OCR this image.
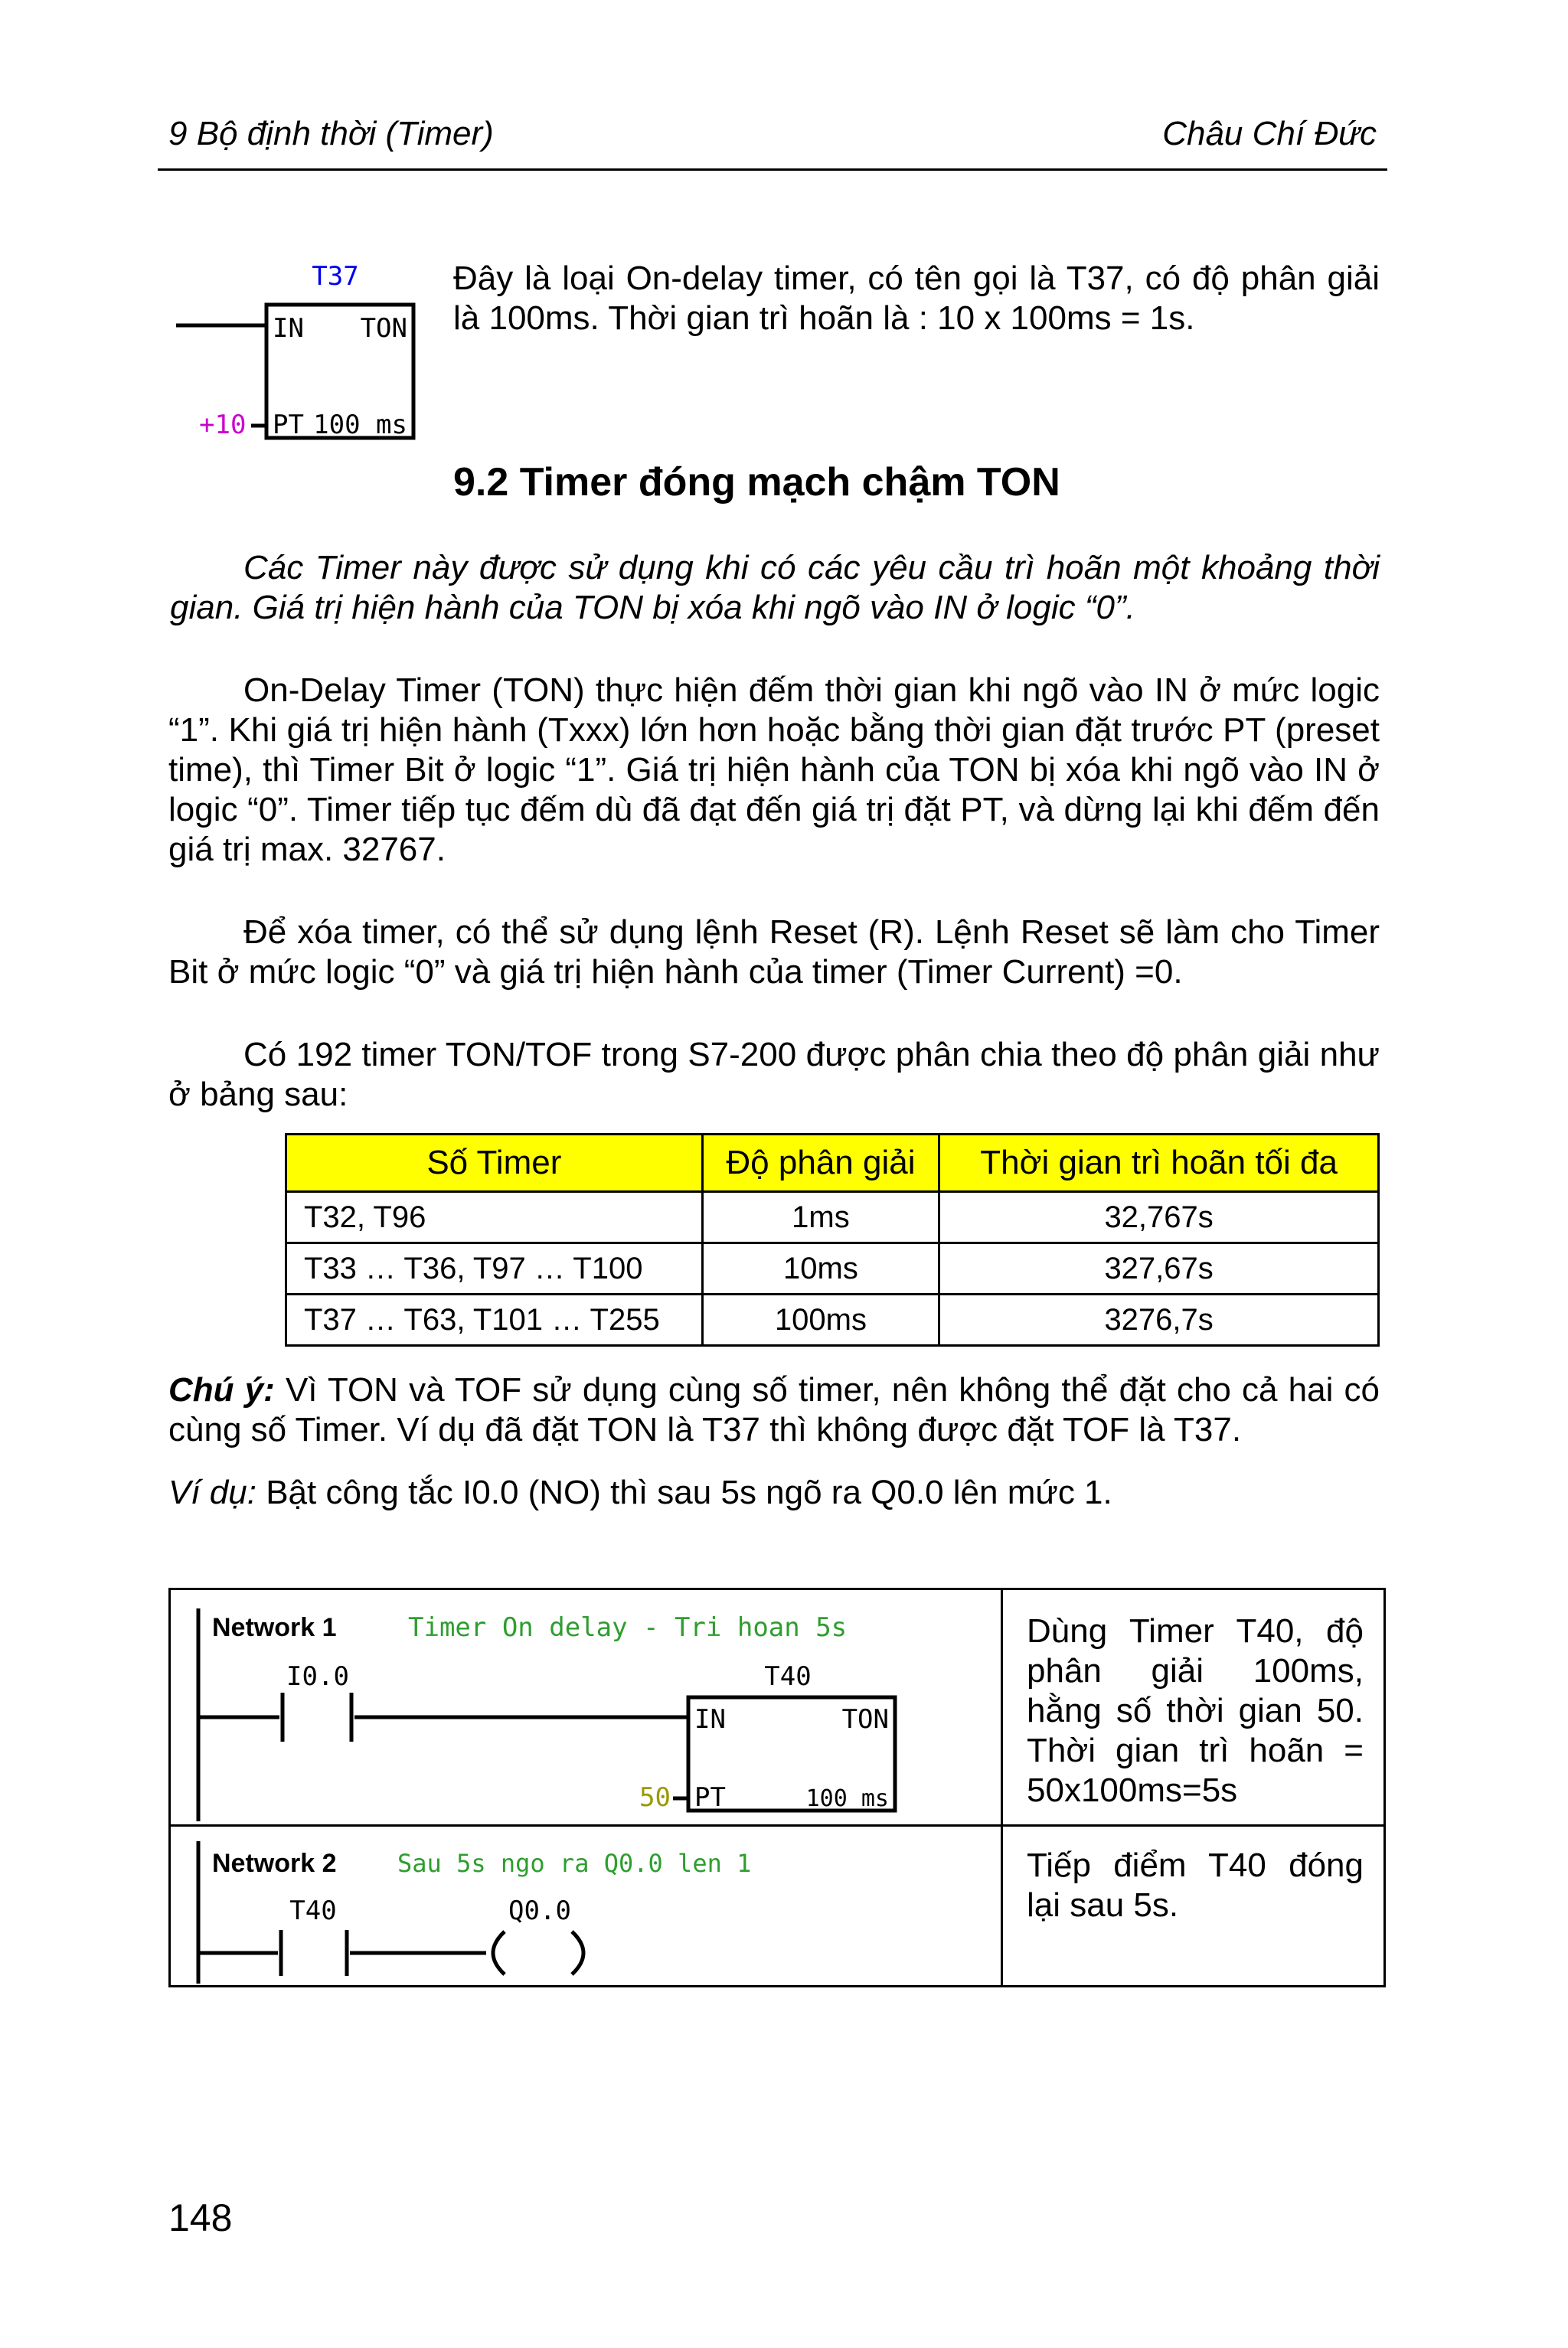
9 Bộ định thời (Timer)	Châu Chí Đức
T37
IN TON
+10 PT 100 ms
Đây là loại On-delay timer, có tên gọi là T37, có độ phân giải là 100ms. Thời gian trì hoãn là : 10 x 100ms = 1s.
9.2 Timer đóng mạch chậm TON
Các Timer này được sử dụng khi có các yêu cầu trì hoãn một khoảng thời gian. Giá trị hiện hành của TON bị xóa khi ngõ vào IN ở logic “0”.
On-Delay Timer (TON) thực hiện đếm thời gian khi ngõ vào IN ở mức logic “1”. Khi giá trị hiện hành (Txxx) lớn hơn hoặc bằng thời gian đặt trước PT (preset time), thì Timer Bit ở logic “1”. Giá trị hiện hành của TON bị xóa khi ngõ vào IN ở logic “0”. Timer tiếp tục đếm dù đã đạt đến giá trị đặt PT, và dừng lại khi đếm đến giá trị max. 32767.
Để xóa timer, có thể sử dụng lệnh Reset (R). Lệnh Reset sẽ làm cho Timer Bit ở mức logic “0” và giá trị hiện hành của timer (Timer Current) =0.
Có 192 timer TON/TOF trong S7-200 được phân chia theo độ phân giải như ở bảng sau:
Số Timer	Độ phân giải	Thời gian trì hoãn tối đa
T32, T96	1ms	32,767s
T33 … T36, T97 … T100	10ms	327,67s
T37 … T63, T101 … T255	100ms	3276,7s
Chú ý: Vì TON và TOF sử dụng cùng số timer, nên không thể đặt cho cả hai có cùng số Timer. Ví dụ đã đặt TON là T37 thì không được đặt TOF là T37.
Ví dụ: Bật công tắc I0.0 (NO) thì sau 5s ngõ ra Q0.0 lên mức 1.
Network 1	Timer On delay - Tri hoan 5s
I0.0	T40
IN	TON
50 PT	100 ms
Dùng Timer T40, độ phân giải 100ms, hằng số thời gian 50. Thời gian trì hoãn = 50x100ms=5s
Network 2 Sau 5s ngo ra Q0.0 len 1
T40	Q0.0
Tiếp điểm T40 đóng lại sau 5s.
148
